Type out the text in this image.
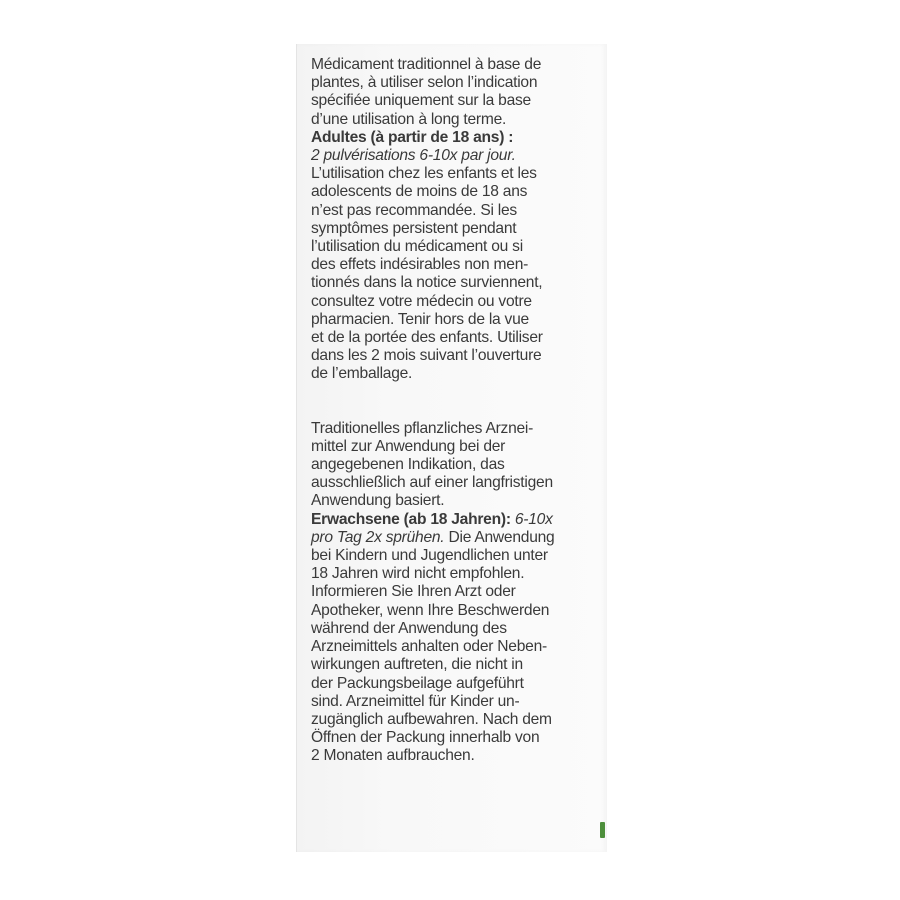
Médicament traditionnel à base de
plantes, à utiliser selon l’indication
spécifiée uniquement sur la base
d’une utilisation à long terme.
Adultes (à partir de 18 ans) :
2 pulvérisations 6-10x par jour.
L’utilisation chez les enfants et les
adolescents de moins de 18 ans
n’est pas recommandée. Si les
symptômes persistent pendant
l’utilisation du médicament ou si
des effets indésirables non men-
tionnés dans la notice surviennent,
consultez votre médecin ou votre
pharmacien. Tenir hors de la vue
et de la portée des enfants. Utiliser
dans les 2 mois suivant l’ouverture
de l’emballage.
Traditionelles pflanzliches Arznei-
mittel zur Anwendung bei der
angegebenen Indikation, das
ausschließlich auf einer langfristigen
Anwendung basiert.
Erwachsene (ab 18 Jahren): 6-10x
pro Tag 2x sprühen. Die Anwendung
bei Kindern und Jugendlichen unter
18 Jahren wird nicht empfohlen.
Informieren Sie Ihren Arzt oder
Apotheker, wenn Ihre Beschwerden
während der Anwendung des
Arzneimittels anhalten oder Neben-
wirkungen auftreten, die nicht in
der Packungsbeilage aufgeführt
sind. Arzneimittel für Kinder un-
zugänglich aufbewahren. Nach dem
Öffnen der Packung innerhalb von
2 Monaten aufbrauchen.
